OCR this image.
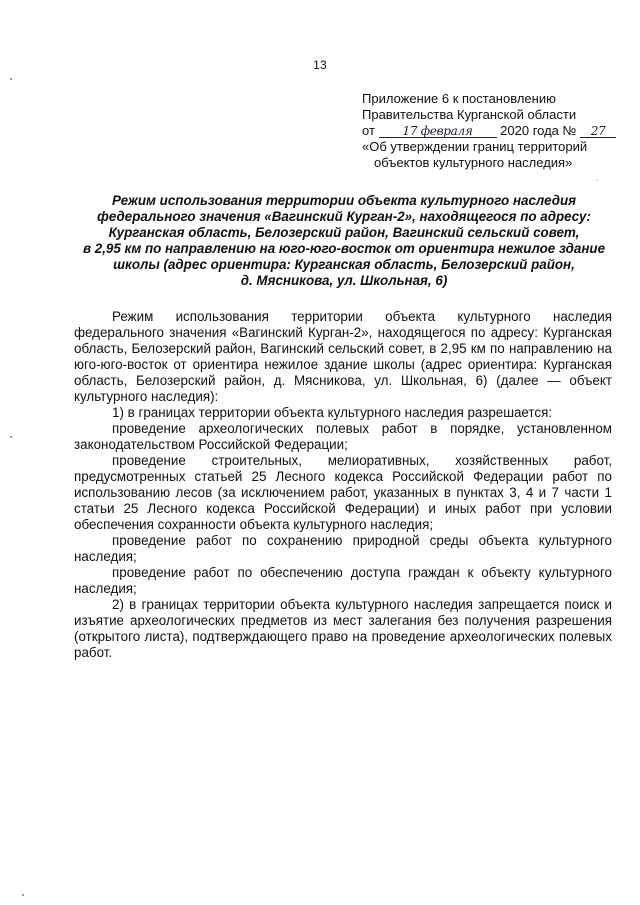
13
Приложение 6 к постановлению
Правительства Курганской области
от 17 февраля 2020 года № 27
«Об утверждении границ территорий
объектов культурного наследия»
Режим использования территории объекта культурного наследия
федерального значения «Вагинский Курган-2», находящегося по адресу:
Курганская область, Белозерский район, Вагинский сельский совет,
в 2,95 км по направлению на юго-юго-восток от ориентира нежилое здание
школы (адрес ориентира: Курганская область, Белозерский район,
д. Мясникова, ул. Школьная, 6)

Режим использования территории объекта культурного наследия федерального значения «Вагинский Курган-2», находящегося по адресу: Курганская область, Белозерский район, Вагинский сельский совет, в 2,95 км по направлению на юго-юго-восток от ориентира нежилое здание школы (адрес ориентира: Курганская область, Белозерский район, д. Мясникова, ул. Школьная, 6) (далее — объект культурного наследия):

1) в границах территории объекта культурного наследия разрешается:

проведение археологических полевых работ в порядке, установленном законодательством Российской Федерации;

проведение строительных, мелиоративных, хозяйственных работ, предусмотренных статьей 25 Лесного кодекса Российской Федерации работ по использованию лесов (за исключением работ, указанных в пунктах 3, 4 и 7 части 1 статьи 25 Лесного кодекса Российской Федерации) и иных работ при условии обеспечения сохранности объекта культурного наследия;

проведение работ по сохранению природной среды объекта культурного наследия;

проведение работ по обеспечению доступа граждан к объекту культурного наследия;

2) в границах территории объекта культурного наследия запрещается поиск и изъятие археологических предметов из мест залегания без получения разрешения (открытого листа), подтверждающего право на проведение археологических полевых работ.
